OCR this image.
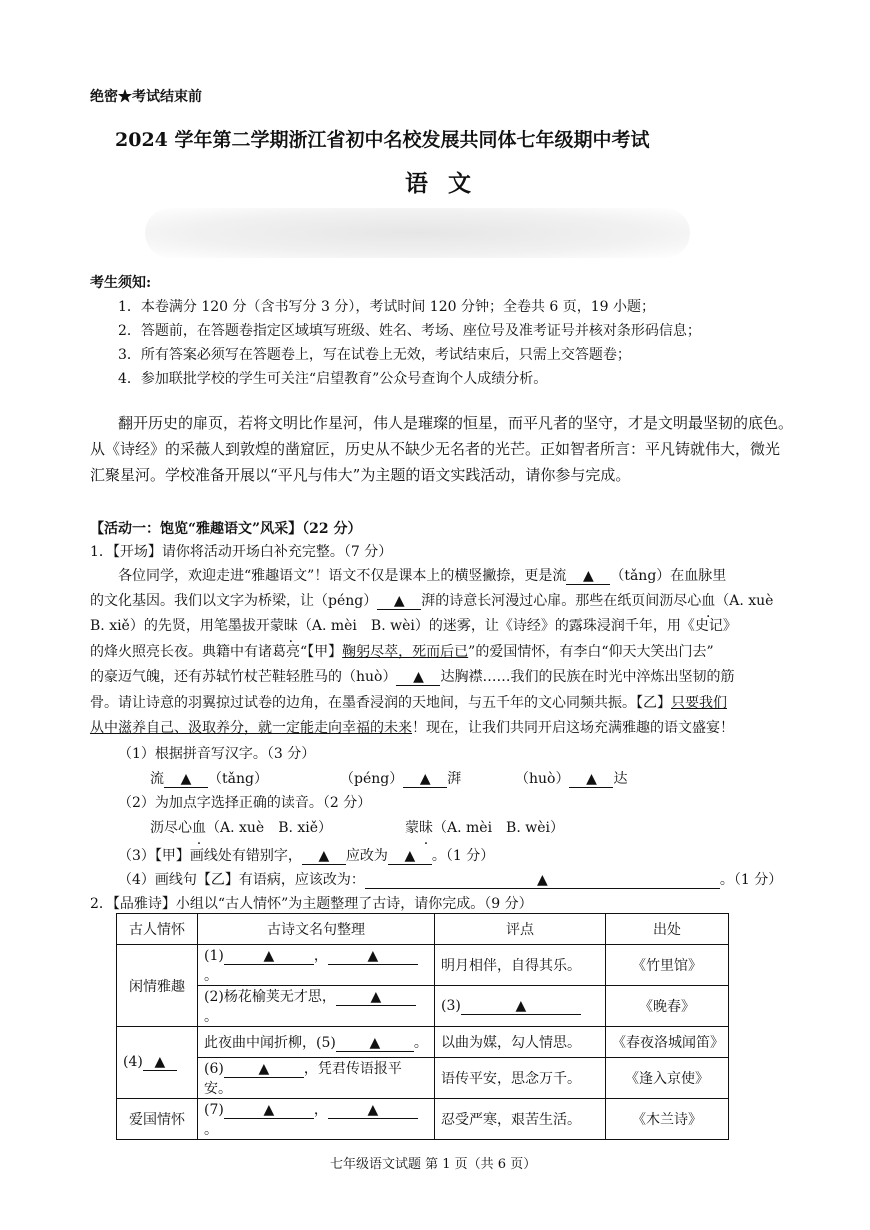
绝密★考试结束前
2024 学年第二学期浙江省初中名校发展共同体七年级期中考试
语 文
考生须知:
1．本卷满分 120 分（含书写分 3 分），考试时间 120 分钟；全卷共 6 页，19 小题；
2．答题前，在答题卷指定区域填写班级、姓名、考场、座位号及准考证号并核对条形码信息；
3．所有答案必须写在答题卷上，写在试卷上无效，考试结束后，只需上交答题卷；
4．参加联批学校的学生可关注“启望教育”公众号查询个人成绩分析。
翻开历史的扉页，若将文明比作星河，伟人是璀璨的恒星，而平凡者的坚守，才是文明最坚韧的底色。
从《诗经》的采薇人到敦煌的凿窟匠，历史从不缺少无名者的光芒。正如智者所言：平凡铸就伟大，微光
汇聚星河。学校准备开展以“平凡与伟大”为主题的语文实践活动，请你参与完成。
【活动一：饱览“雅趣语文”风采】（22 分）
1．【开场】请你将活动开场白补充完整。（7 分）
各位同学，欢迎走进“雅趣语文”！语文不仅是课本上的横竖撇捺，更是流 ▲ （tǎng）在血脉里
的文化基因。我们以文字为桥梁，让（péng） ▲ 湃的诗意长河漫过心扉。那些在纸页间沥尽心血（A. xuè
B. xiě）的先贤，用笔墨拔开蒙昧（A. mèi　B. wèi）的迷雾，让《诗经》的露珠浸润千年，用《史记》
的烽火照亮长夜。典籍中有诸葛亮“【甲】鞠躬尽萃，死而后已”的爱国情怀，有李白“仰天大笑出门去”
的豪迈气魄，还有苏轼竹杖芒鞋轻胜马的（huò） ▲ 达胸襟……我们的民族在时光中淬炼出坚韧的筋
骨。请让诗意的羽翼掠过试卷的边角，在墨香浸润的天地间，与五千年的文心同频共振。【乙】只要我们
从中滋养自己、汲取养分，就一定能走向幸福的未来！现在，让我们共同开启这场充满雅趣的语文盛宴！
（1）根据拼音写汉字。（3 分）
流 ▲ （tǎng）	（péng） ▲ 湃	（huò） ▲ 达
（2）为加点字选择正确的读音。（2 分）
沥尽心血（A. xuè　B. xiě）	蒙昧（A. mèi　B. wèi）
（3）【甲】画线处有错别字， ▲ 应改为 ▲ 。（1 分）
（4）画线句【乙】有语病，应该改为：	▲	。（1 分）
2．【品雅诗】小组以“古人情怀”为主题整理了古诗，请你完成。（9 分）
古人情怀	古诗文名句整理	评点	出处
闲情雅趣	(1) ▲ ， ▲。	明月相伴，自得其乐。	《竹里馆》
	(2)杨花榆荚无才思， ▲。	(3) ▲	《晚春》
(4) ▲	此夜曲中闻折柳，(5) ▲ 。	以曲为媒，勾人情思。	《春夜洛城闻笛》
	(6) ▲ ，凭君传语报平安。	语传平安，思念万千。	《逢入京使》
爱国情怀	(7) ▲ ， ▲。	忍受严寒，艰苦生活。	《木兰诗》
七年级语文试题 第 1 页（共 6 页）
